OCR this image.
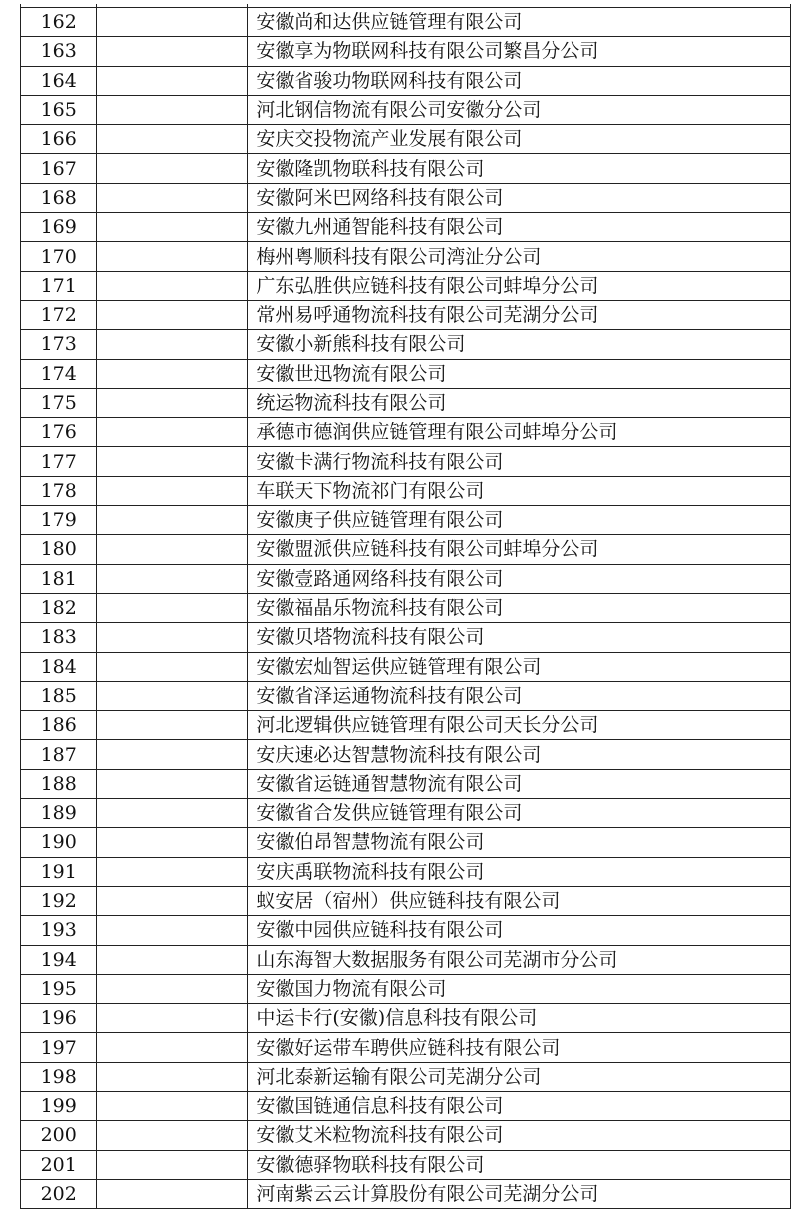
162		安徽尚和达供应链管理有限公司
163		安徽享为物联网科技有限公司繁昌分公司
164		安徽省骏功物联网科技有限公司
165		河北钢信物流有限公司安徽分公司
166		安庆交投物流产业发展有限公司
167		安徽隆凯物联科技有限公司
168		安徽阿米巴网络科技有限公司
169		安徽九州通智能科技有限公司
170		梅州粤顺科技有限公司湾沚分公司
171		广东弘胜供应链科技有限公司蚌埠分公司
172		常州易呼通物流科技有限公司芜湖分公司
173		安徽小新熊科技有限公司
174		安徽世迅物流有限公司
175		统运物流科技有限公司
176		承德市德润供应链管理有限公司蚌埠分公司
177		安徽卡满行物流科技有限公司
178		车联天下物流祁门有限公司
179		安徽庚子供应链管理有限公司
180		安徽盟派供应链科技有限公司蚌埠分公司
181		安徽壹路通网络科技有限公司
182		安徽福晶乐物流科技有限公司
183		安徽贝塔物流科技有限公司
184		安徽宏灿智运供应链管理有限公司
185		安徽省泽运通物流科技有限公司
186		河北逻辑供应链管理有限公司天长分公司
187		安庆速必达智慧物流科技有限公司
188		安徽省运链通智慧物流有限公司
189		安徽省合发供应链管理有限公司
190		安徽伯昂智慧物流有限公司
191		安庆禹联物流科技有限公司
192		蚁安居（宿州）供应链科技有限公司
193		安徽中园供应链科技有限公司
194		山东海智大数据服务有限公司芜湖市分公司
195		安徽国力物流有限公司
196		中运卡行(安徽)信息科技有限公司
197		安徽好运带车聘供应链科技有限公司
198		河北泰新运输有限公司芜湖分公司
199		安徽国链通信息科技有限公司
200		安徽艾米粒物流科技有限公司
201		安徽德驿物联科技有限公司
202		河南紫云云计算股份有限公司芜湖分公司
